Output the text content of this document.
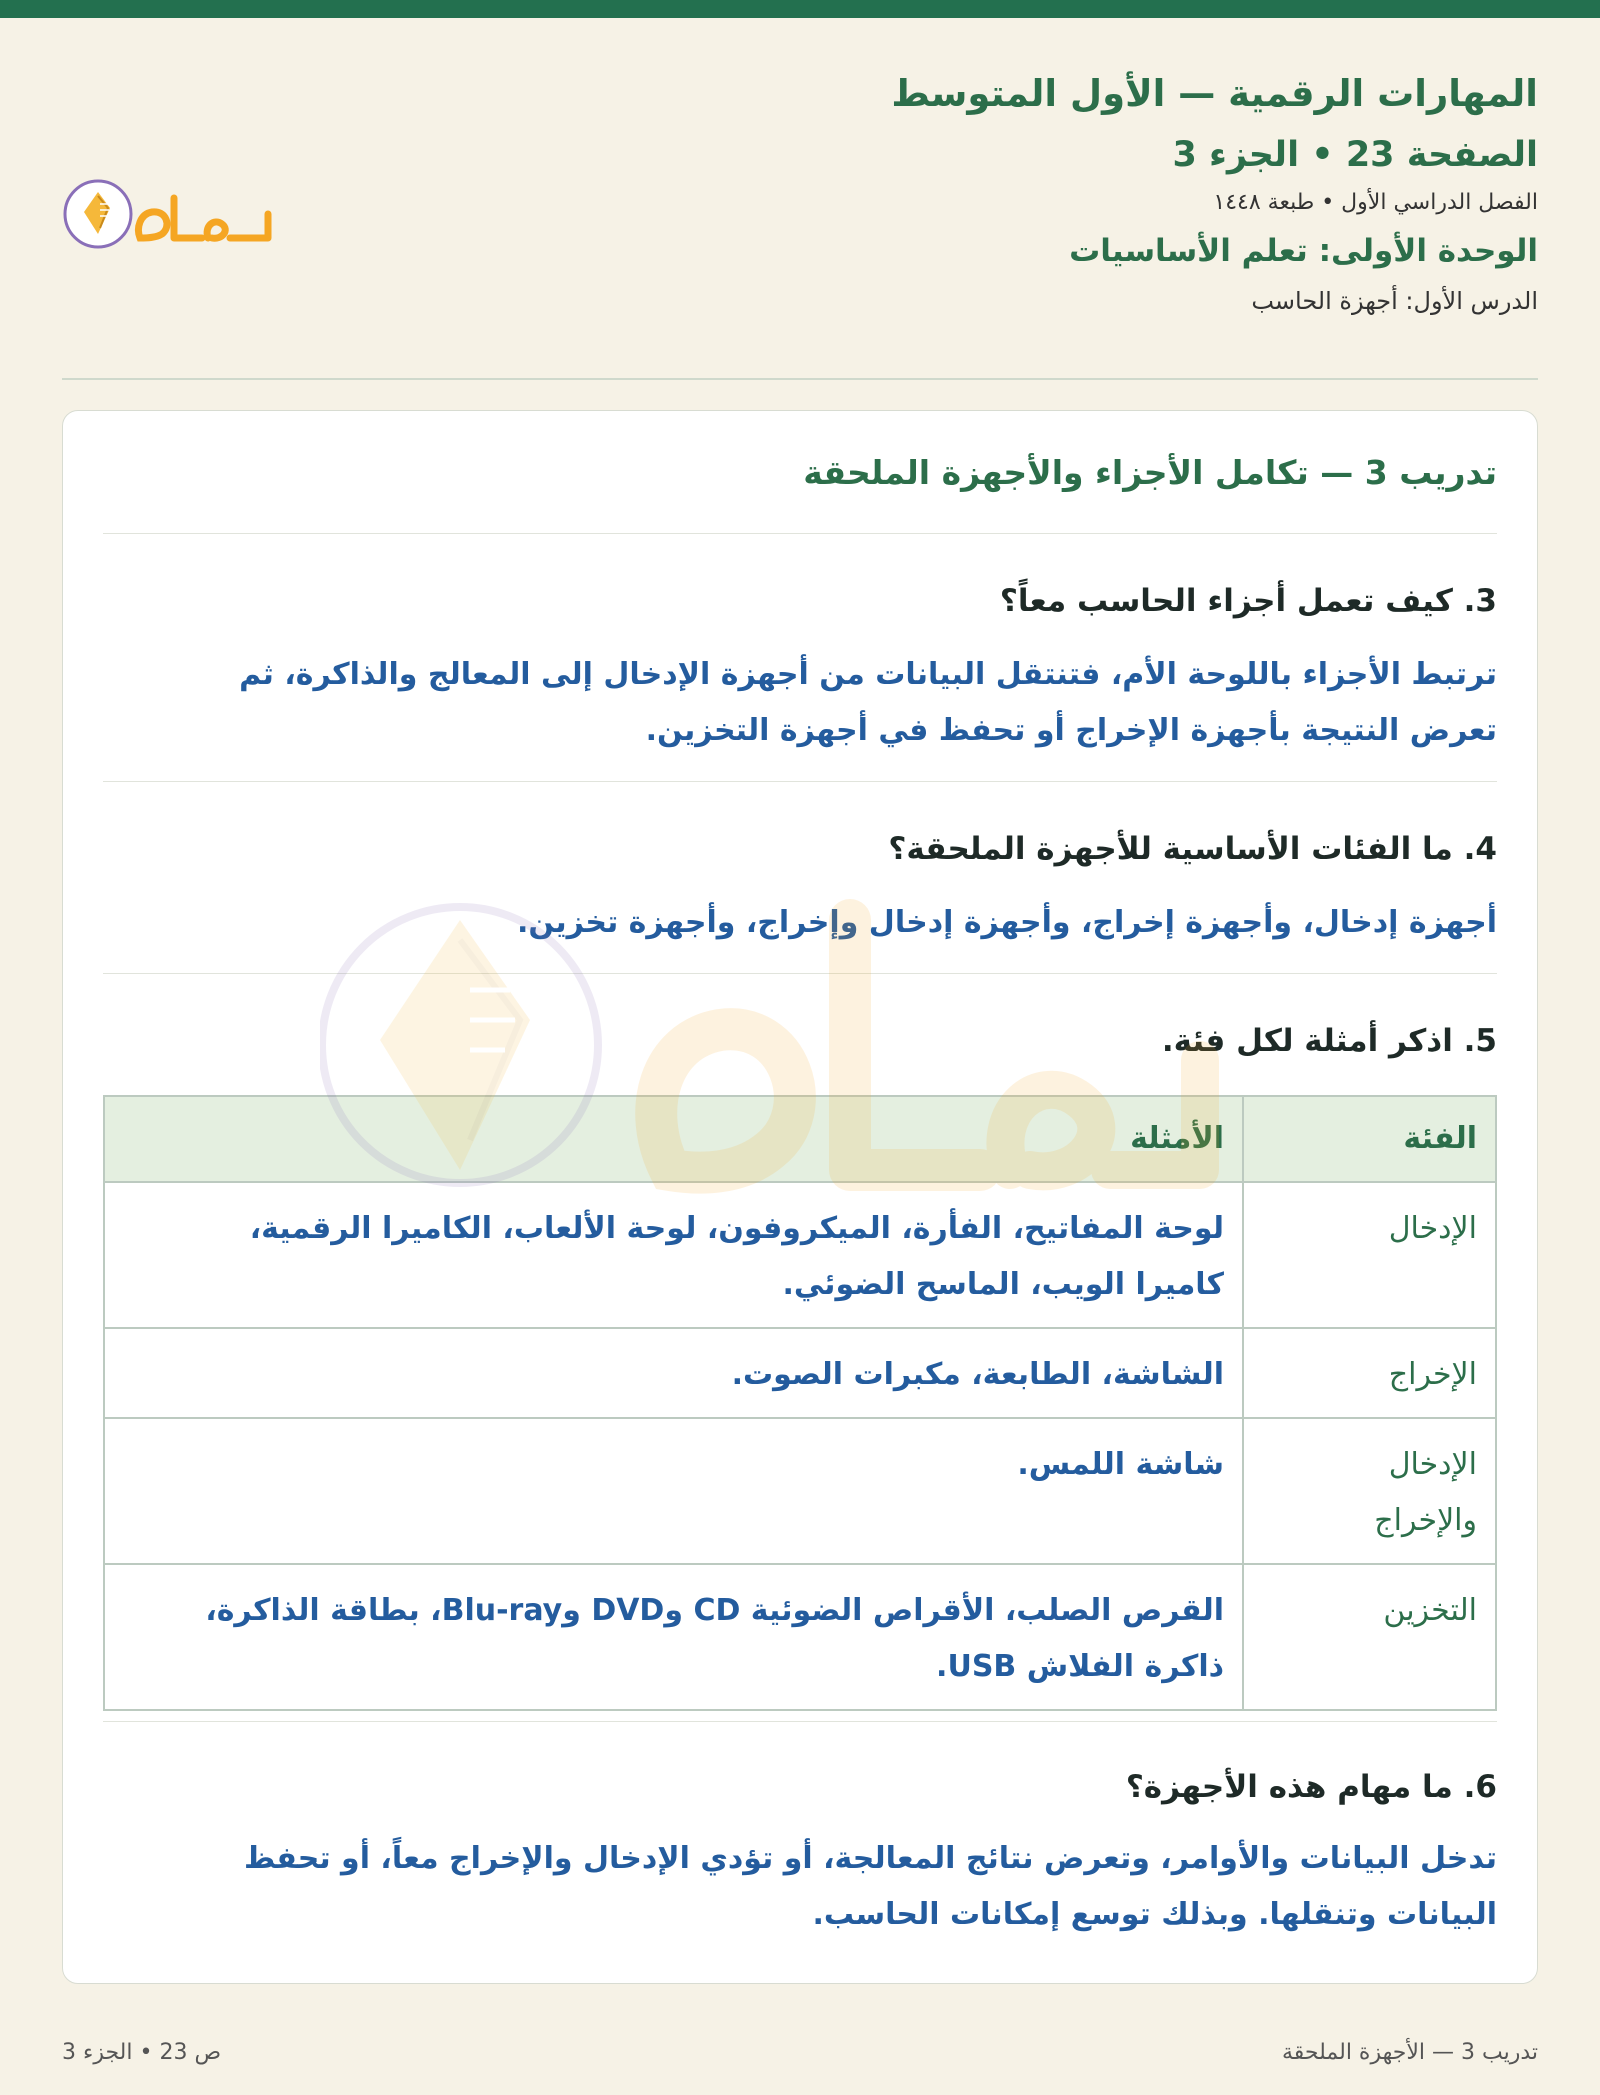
المهارات الرقمية — الأول المتوسط
الصفحة 23 • الجزء 3
الفصل الدراسي الأول • طبعة ١٤٤٨
الوحدة الأولى: تعلم الأساسيات
الدرس الأول: أجهزة الحاسب
تدريب 3 — تكامل الأجزاء والأجهزة الملحقة
3. كيف تعمل أجزاء الحاسب معاً؟
ترتبط الأجزاء باللوحة الأم، فتنتقل البيانات من أجهزة الإدخال إلى المعالج والذاكرة، ثم
تعرض النتيجة بأجهزة الإخراج أو تحفظ في أجهزة التخزين.
4. ما الفئات الأساسية للأجهزة الملحقة؟
أجهزة إدخال، وأجهزة إخراج، وأجهزة إدخال وإخراج، وأجهزة تخزين.
5. اذكر أمثلة لكل فئة.
الفئة	الأمثلة

الإدخال	لوحة المفاتيح، الفأرة، الميكروفون، لوحة الألعاب، الكاميرا الرقمية،
كاميرا الويب، الماسح الضوئي.

الإخراج	الشاشة، الطابعة، مكبرات الصوت.

الإدخال
والإخراج	شاشة اللمس.

التخزين	القرص الصلب، الأقراص الضوئية CD وDVD وBlu-ray، بطاقة الذاكرة،
ذاكرة الفلاش USB.
6. ما مهام هذه الأجهزة؟
تدخل البيانات والأوامر، وتعرض نتائج المعالجة، أو تؤدي الإدخال والإخراج معاً، أو تحفظ
البيانات وتنقلها. وبذلك توسع إمكانات الحاسب.
تدريب 3 — الأجهزة الملحقة
ص 23 • الجزء 3
